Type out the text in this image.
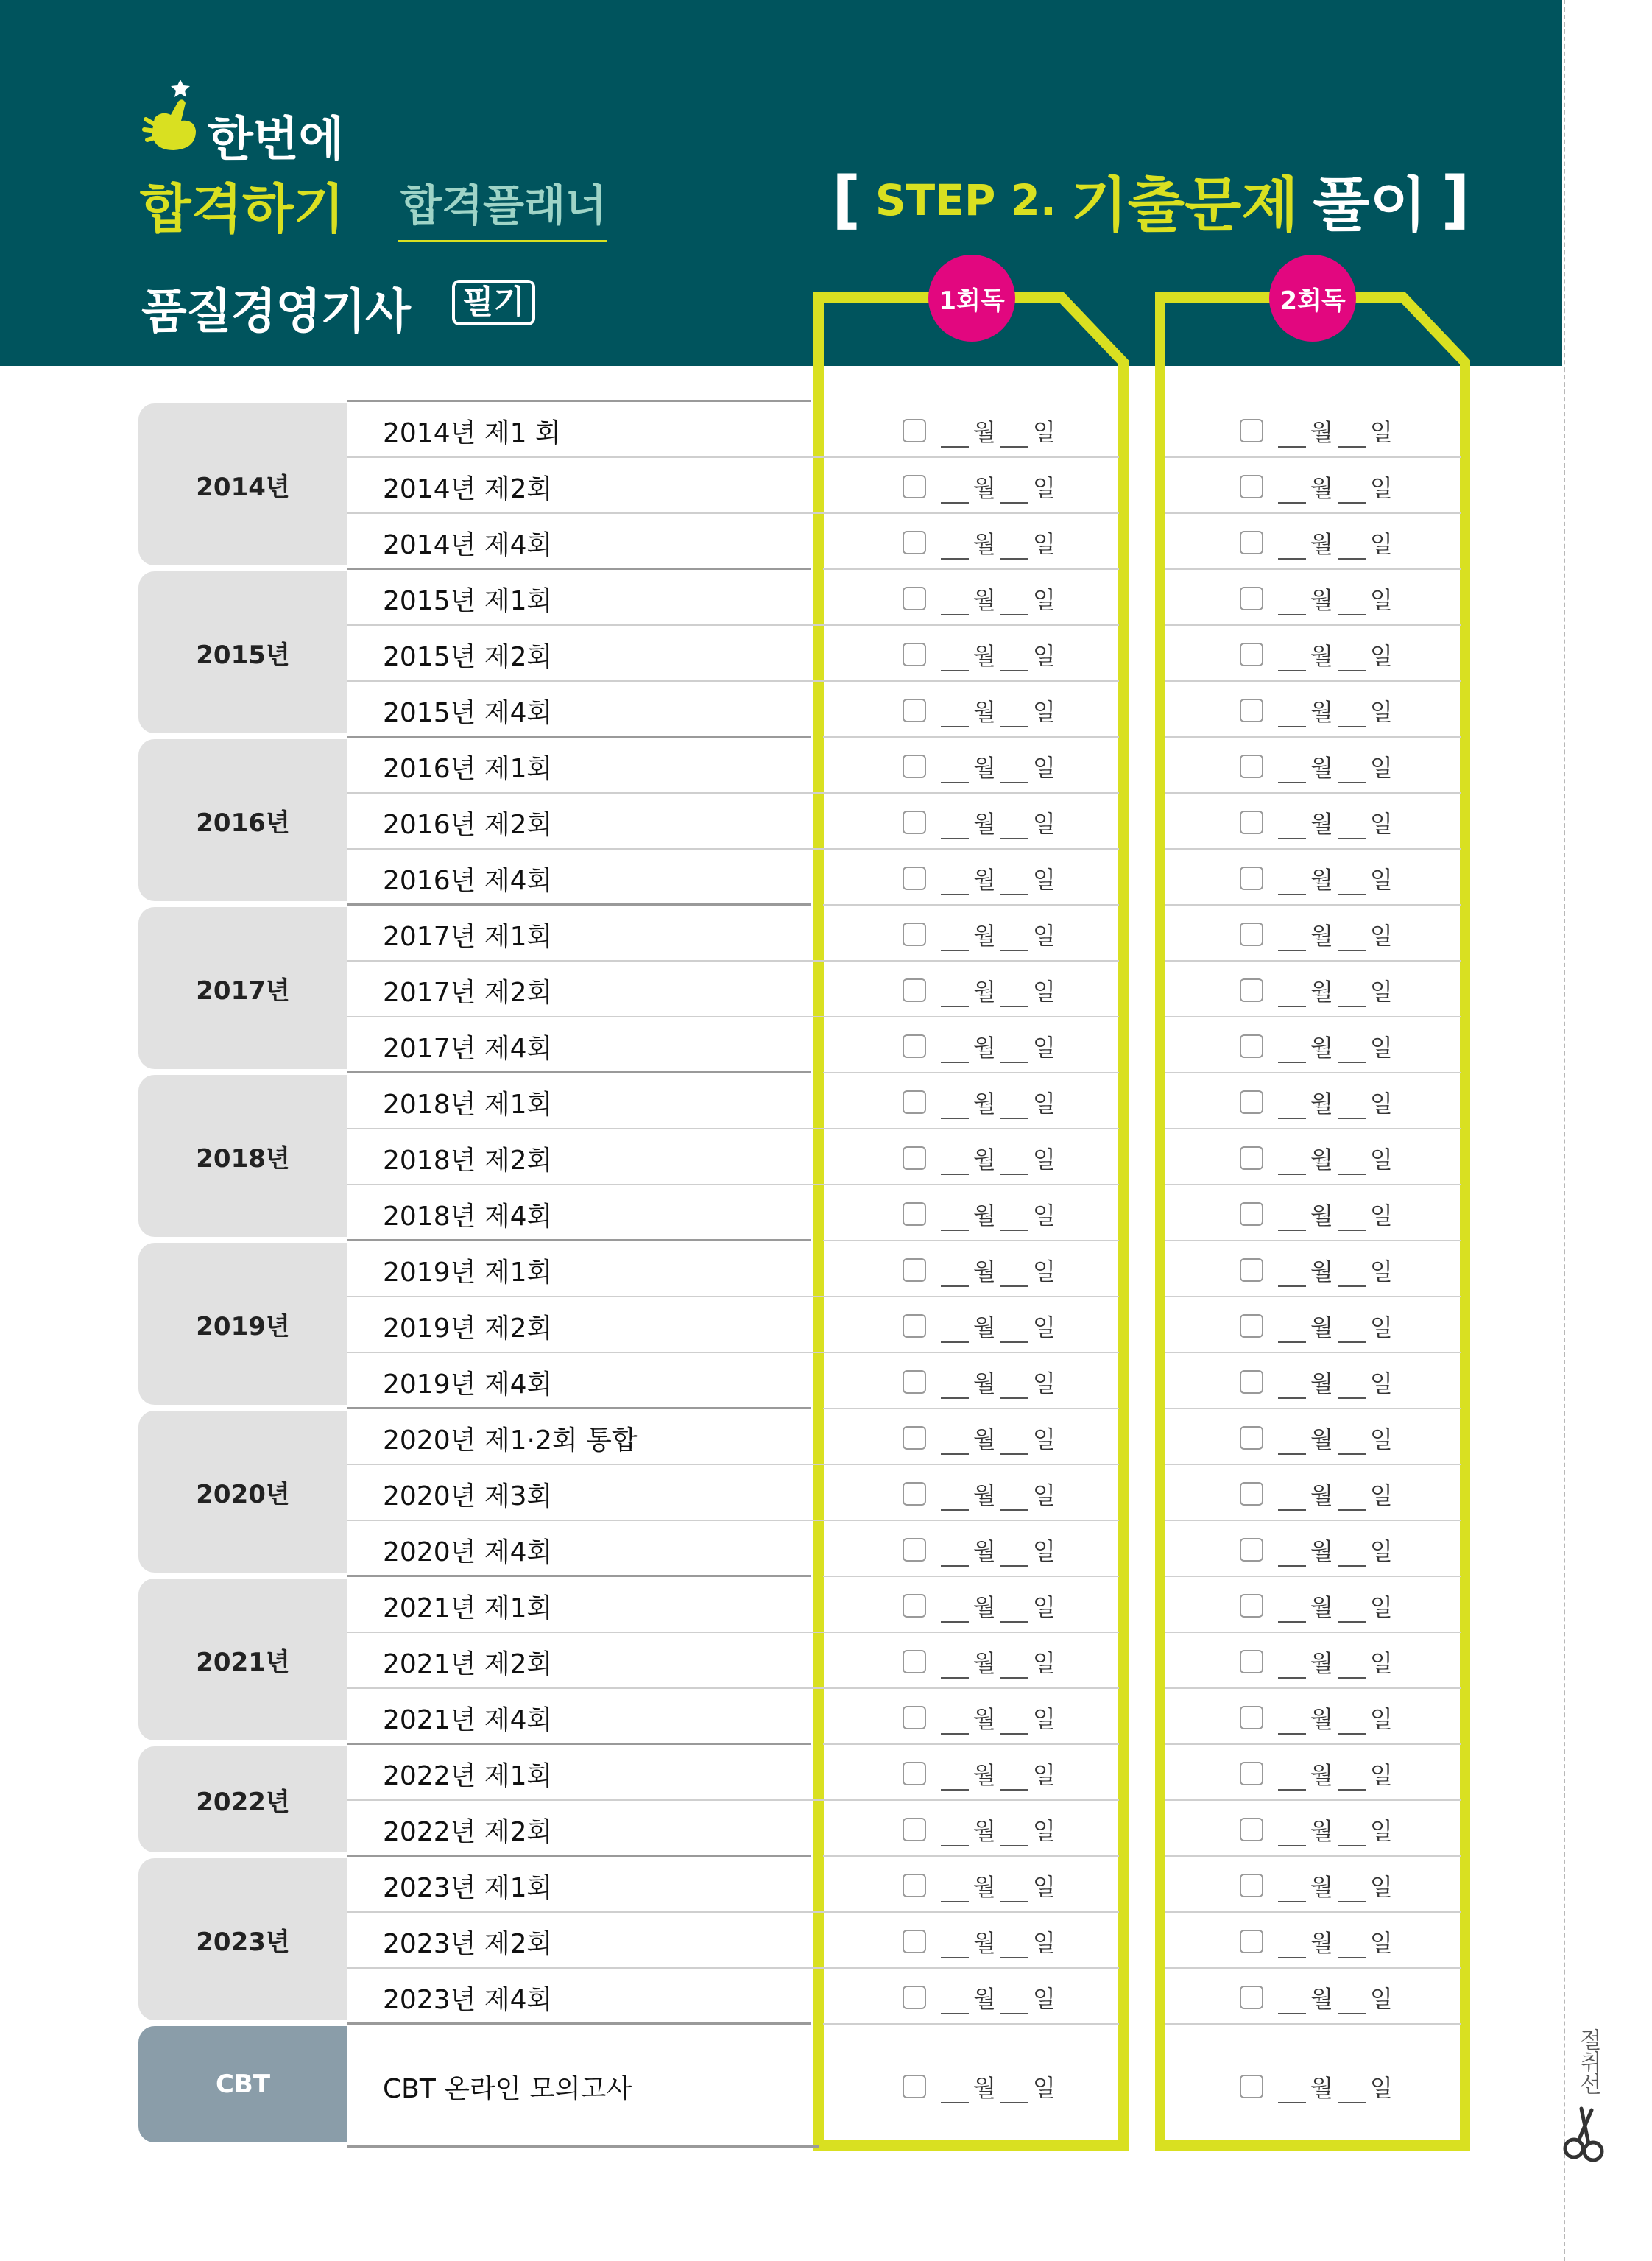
한번에
합격하기 합격플래너
품질경영기사	필기
[ STEP 2. 기출문제 풀이 ]
1회독	2회독
2014년
2014년 제1 회	월 일	월 일
2014년 제2회	월 일	월 일
2014년 제4회	월 일	월 일
2015년
2015년 제1회	월 일	월 일
2015년 제2회	월 일	월 일
2015년 제4회	월 일	월 일
2016년
2016년 제1회	월 일	월 일
2016년 제2회	월 일	월 일
2016년 제4회	월 일	월 일
2017년
2017년 제1회	월 일	월 일
2017년 제2회	월 일	월 일
2017년 제4회	월 일	월 일
2018년
2018년 제1회	월 일	월 일
2018년 제2회	월 일	월 일
2018년 제4회	월 일	월 일
2019년
2019년 제1회	월 일	월 일
2019년 제2회	월 일	월 일
2019년 제4회	월 일	월 일
2020년
2020년 제1·2회 통합	월 일	월 일
2020년 제3회	월 일	월 일
2020년 제4회	월 일	월 일
2021년
2021년 제1회	월 일	월 일
2021년 제2회	월 일	월 일
2021년 제4회	월 일	월 일
2022년
2022년 제1회	월 일	월 일
2022년 제2회	월 일	월 일
2023년
2023년 제1회	월 일	월 일
2023년 제2회	월 일	월 일
2023년 제4회	월 일	월 일
CBT	CBT 온라인 모의고사	월 일	월 일	절취선
